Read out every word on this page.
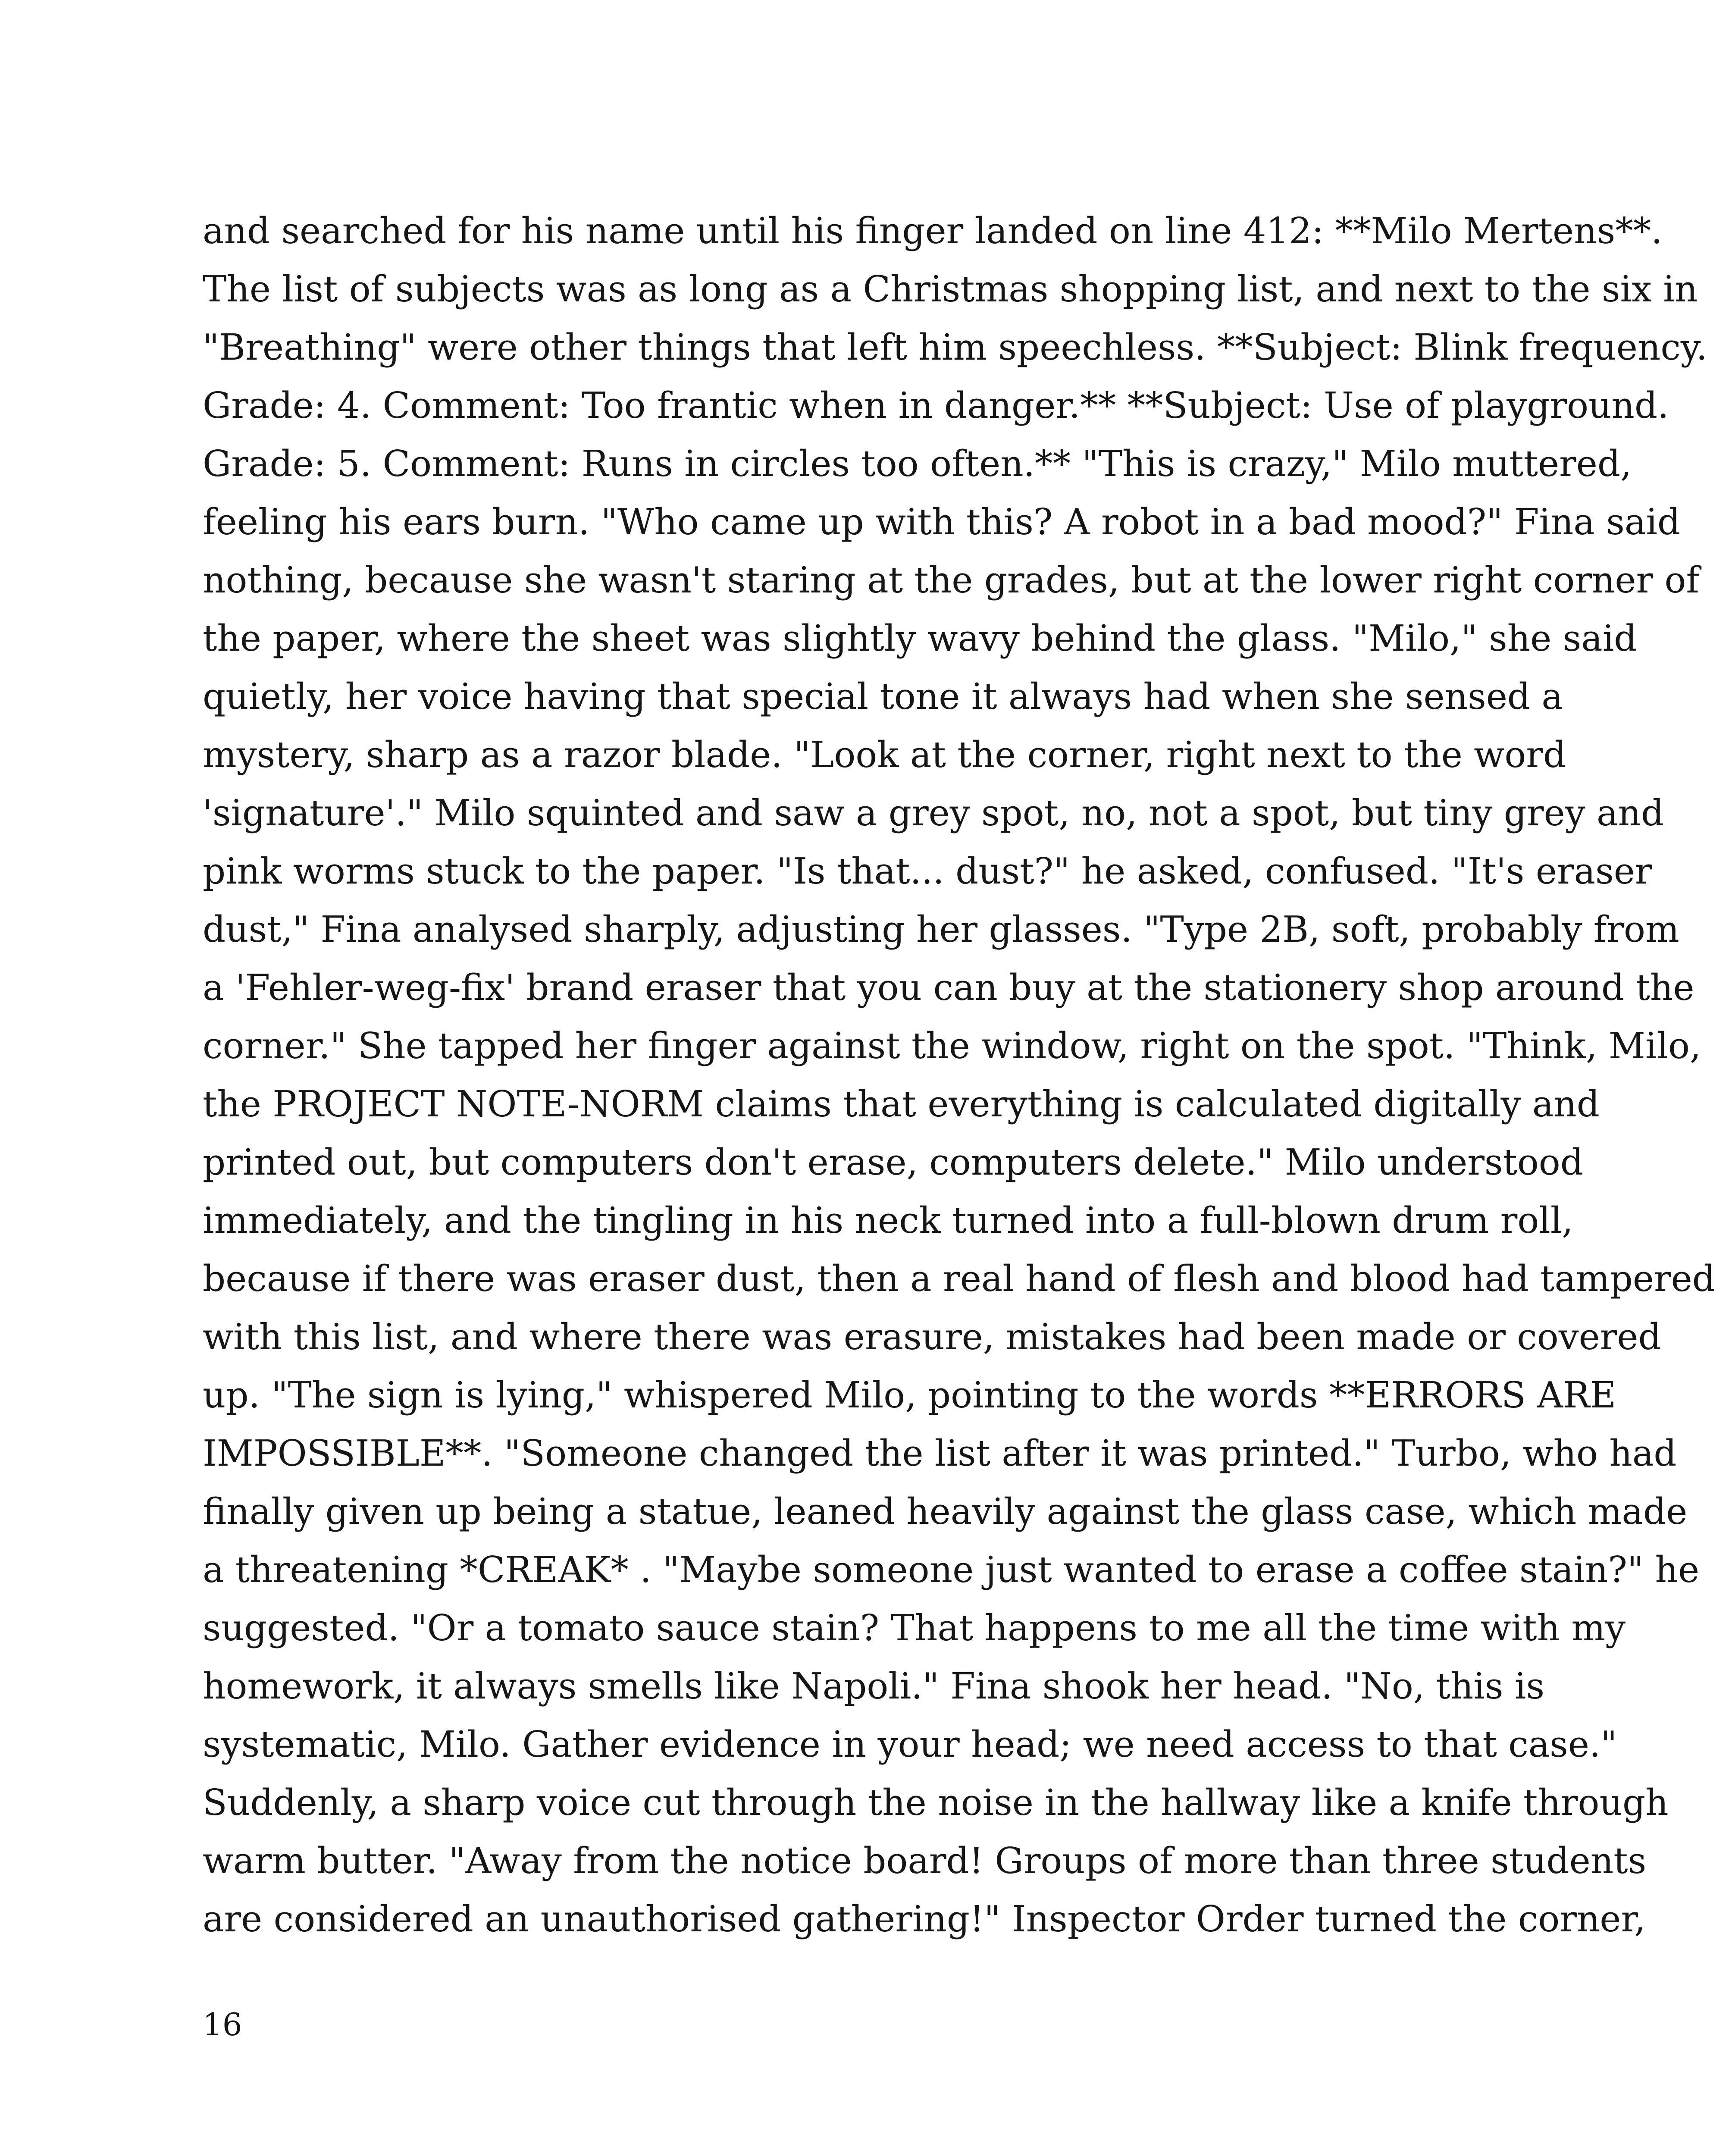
and searched for his name until his finger landed on line 412: **Milo Mertens**.
The list of subjects was as long as a Christmas shopping list, and next to the six in
"Breathing" were other things that left him speechless. **Subject: Blink frequency.
Grade: 4. Comment: Too frantic when in danger.** **Subject: Use of playground.
Grade: 5. Comment: Runs in circles too often.** "This is crazy," Milo muttered,
feeling his ears burn. "Who came up with this? A robot in a bad mood?" Fina said
nothing, because she wasn't staring at the grades, but at the lower right corner of
the paper, where the sheet was slightly wavy behind the glass. "Milo," she said
quietly, her voice having that special tone it always had when she sensed a
mystery, sharp as a razor blade. "Look at the corner, right next to the word
'signature'." Milo squinted and saw a grey spot, no, not a spot, but tiny grey and
pink worms stuck to the paper. "Is that... dust?" he asked, confused. "It's eraser
dust," Fina analysed sharply, adjusting her glasses. "Type 2B, soft, probably from
a 'Fehler-weg-fix' brand eraser that you can buy at the stationery shop around the
corner." She tapped her finger against the window, right on the spot. "Think, Milo,
the PROJECT NOTE-NORM claims that everything is calculated digitally and
printed out, but computers don't erase, computers delete." Milo understood
immediately, and the tingling in his neck turned into a full-blown drum roll,
because if there was eraser dust, then a real hand of flesh and blood had tampered
with this list, and where there was erasure, mistakes had been made or covered
up. "The sign is lying," whispered Milo, pointing to the words **ERRORS ARE
IMPOSSIBLE**. "Someone changed the list after it was printed." Turbo, who had
finally given up being a statue, leaned heavily against the glass case, which made
a threatening *CREAK* . "Maybe someone just wanted to erase a coffee stain?" he
suggested. "Or a tomato sauce stain? That happens to me all the time with my
homework, it always smells like Napoli." Fina shook her head. "No, this is
systematic, Milo. Gather evidence in your head; we need access to that case."
Suddenly, a sharp voice cut through the noise in the hallway like a knife through
warm butter. "Away from the notice board! Groups of more than three students
are considered an unauthorised gathering!" Inspector Order turned the corner,
16
